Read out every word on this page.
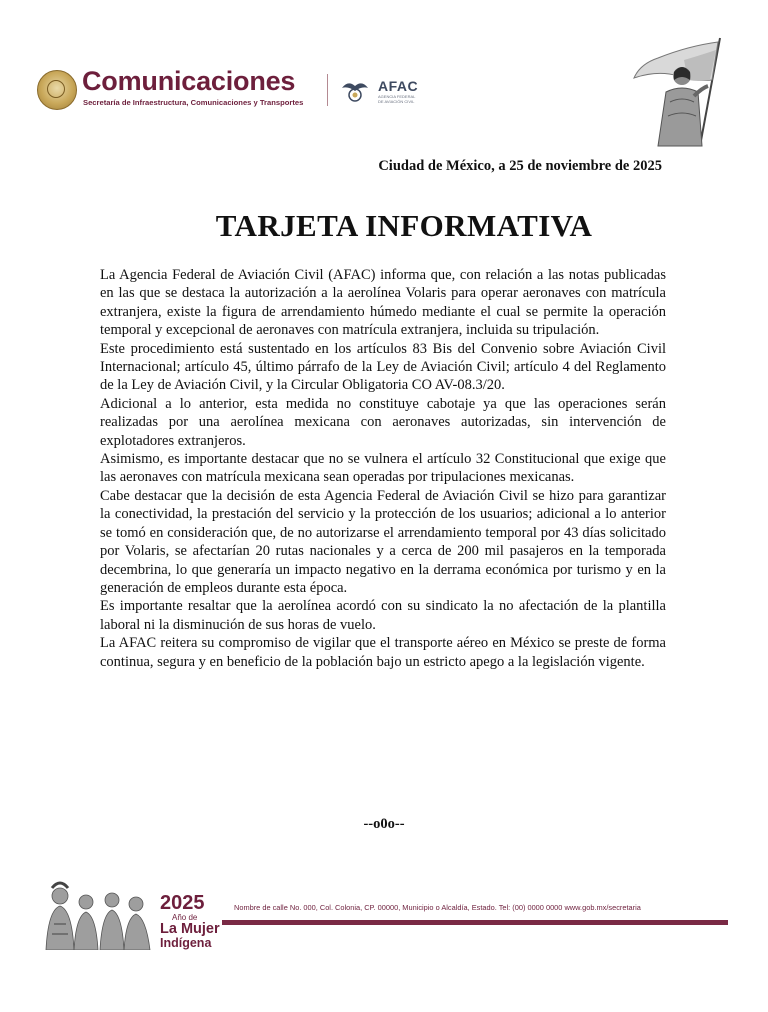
Comunicaciones
Secretaría de Infraestructura, Comunicaciones y Transportes
AFAC
AGENCIA FEDERAL DE AVIACIÓN CIVIL
Ciudad de México, a 25 de noviembre de 2025
TARJETA INFORMATIVA

La Agencia Federal de Aviación Civil (AFAC) informa que, con relación a las notas publicadas en las que se destaca la autorización a la aerolínea Volaris para operar aeronaves con matrícula extranjera, existe la figura de arrendamiento húmedo mediante el cual se permite la operación temporal y excepcional de aeronaves con matrícula extranjera, incluida su tripulación.

Este procedimiento está sustentado en los artículos 83 Bis del Convenio sobre Aviación Civil Internacional; artículo 45, último párrafo de la Ley de Aviación Civil; artículo 4 del Reglamento de la Ley de Aviación Civil, y la Circular Obligatoria CO AV-08.3/20.

Adicional a lo anterior, esta medida no constituye cabotaje ya que las operaciones serán realizadas por una aerolínea mexicana con aeronaves autorizadas, sin intervención de explotadores extranjeros.

Asimismo, es importante destacar que no se vulnera el artículo 32 Constitucional que exige que las aeronaves con matrícula mexicana sean operadas por tripulaciones mexicanas.

Cabe destacar que la decisión de esta Agencia Federal de Aviación Civil se hizo para garantizar la conectividad, la prestación del servicio y la protección de los usuarios; adicional a lo anterior se tomó en consideración que, de no autorizarse el arrendamiento temporal por 43 días solicitado por Volaris, se afectarían 20 rutas nacionales y a cerca de 200 mil pasajeros en la temporada decembrina, lo que generaría un impacto negativo en la derrama económica por turismo y en la generación de empleos durante esta época.

Es importante resaltar que la aerolínea acordó con su sindicato la no afectación de la plantilla laboral ni la disminución de sus horas de vuelo.

La AFAC reitera su compromiso de vigilar que el transporte aéreo en México se preste de forma continua, segura y en beneficio de la población bajo un estricto apego a la legislación vigente.

--o0o--
2025
Año de
La Mujer
Indígena
Nombre de calle No. 000, Col. Colonia, CP. 00000, Municipio o Alcaldía, Estado. Tel: (00) 0000 0000 www.gob.mx/secretaria
